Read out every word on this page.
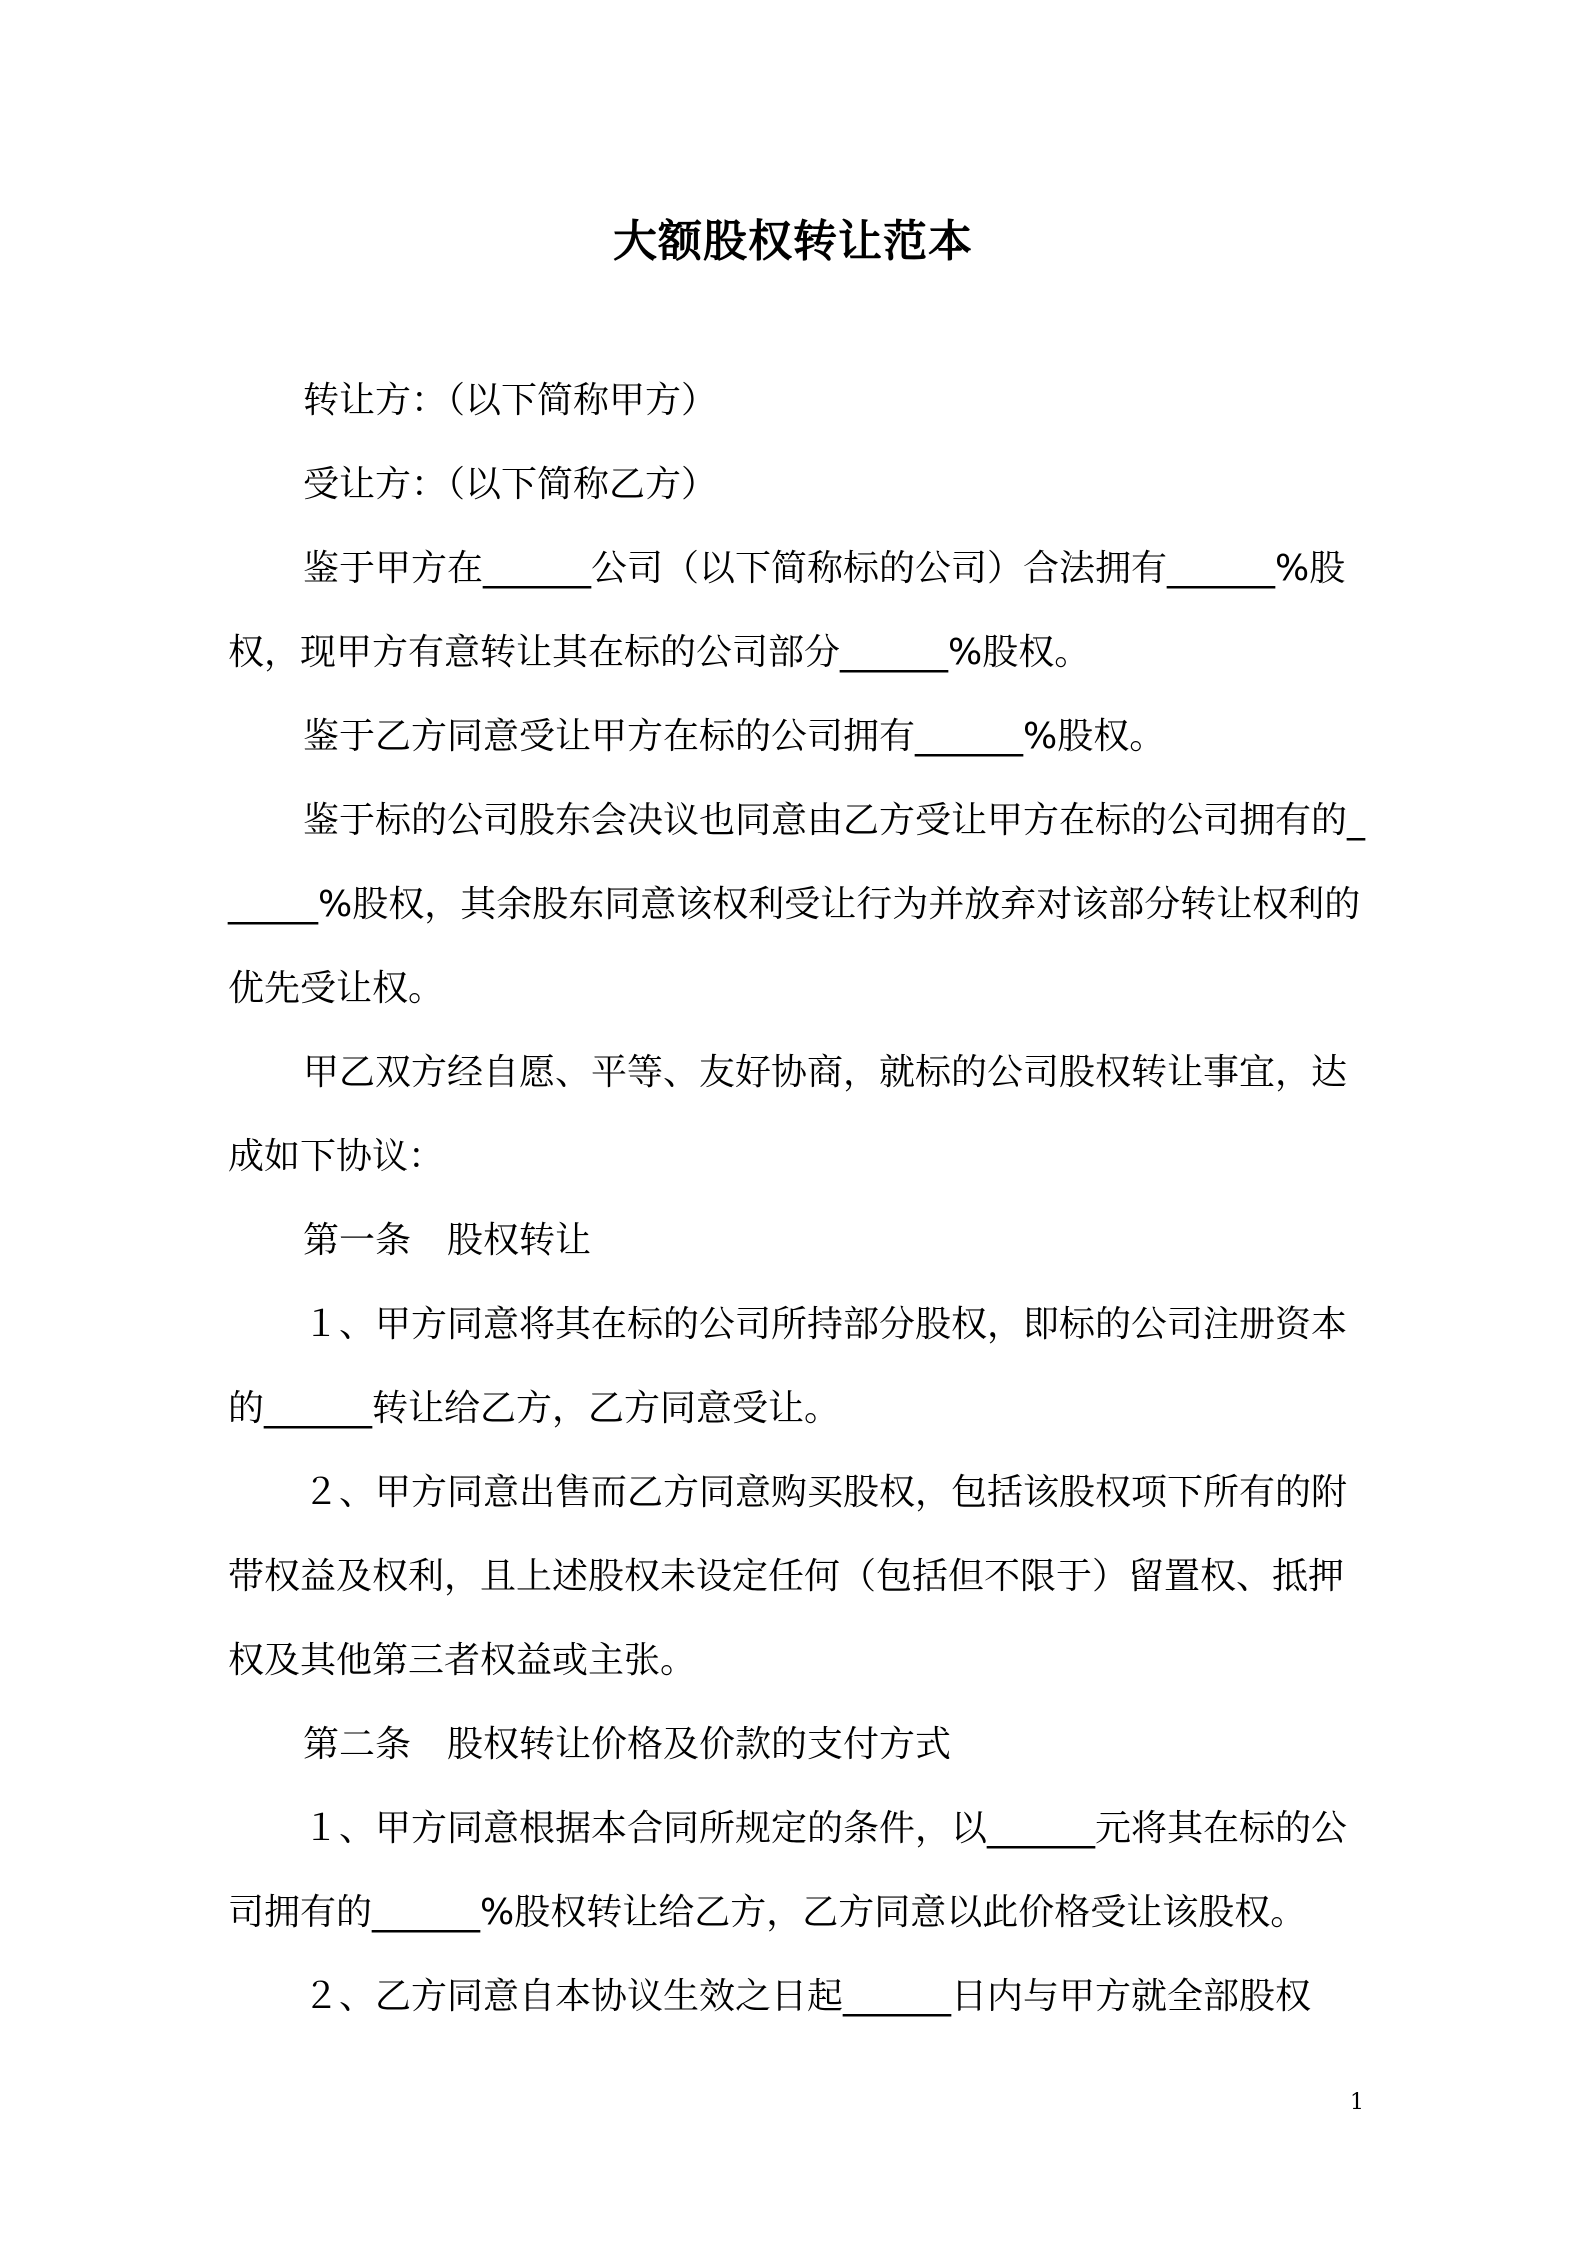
大额股权转让范本

转让方：（以下简称甲方）

受让方：（以下简称乙方）

鉴于甲方在______公司（以下简称标的公司）合法拥有______%股权，现甲方有意转让其在标的公司部分______%股权。

鉴于乙方同意受让甲方在标的公司拥有______%股权。

鉴于标的公司股东会决议也同意由乙方受让甲方在标的公司拥有的______%股权，其余股东同意该权利受让行为并放弃对该部分转让权利的优先受让权。

甲乙双方经自愿、平等、友好协商，就标的公司股权转让事宜，达成如下协议：

第一条　股权转让

１、甲方同意将其在标的公司所持部分股权，即标的公司注册资本的______转让给乙方，乙方同意受让。

２、甲方同意出售而乙方同意购买股权，包括该股权项下所有的附带权益及权利，且上述股权未设定任何（包括但不限于）留置权、抵押权及其他第三者权益或主张。

第二条　股权转让价格及价款的支付方式

１、甲方同意根据本合同所规定的条件，以______元将其在标的公司拥有的______%股权转让给乙方，乙方同意以此价格受让该股权。

２、乙方同意自本协议生效之日起______日内与甲方就全部股权

1
